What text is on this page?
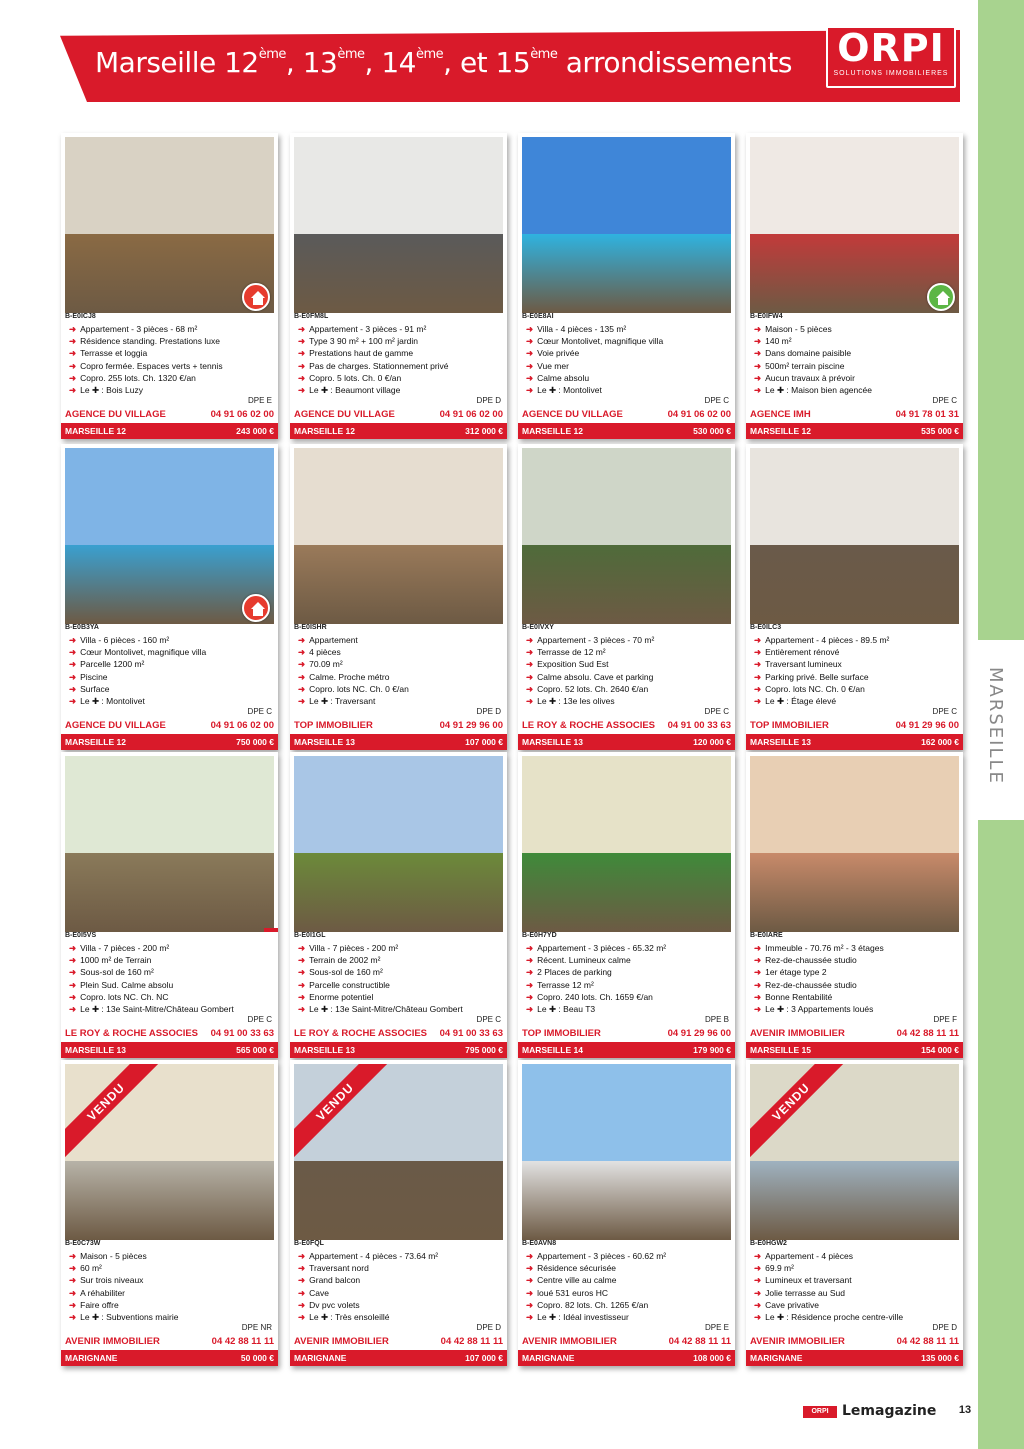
Marseille 12ème, 13ème, 14ème, et 15ème arrondissements ORPI
SOLUTIONS IMMOBILIERES
MARSEILLE
B-E0ICJ8
➜ Appartement - 3 pièces - 68 m²
➜ Résidence standing. Prestations luxe
➜ Terrasse et loggia
➜ Copro fermée. Espaces verts + tennis
➜ Copro. 255 lots. Ch. 1320 €/an
➜ Le ✚ : Bois Luzy
DPE E
AGENCE DU VILLAGE	04 91 06 02 00
MARSEILLE 12	243 000 €
B-E0FM8L
➜ Appartement - 3 pièces - 91 m²
➜ Type 3 90 m² + 100 m² jardin
➜ Prestations haut de gamme
➜ Pas de charges. Stationnement privé
➜ Copro. 5 lots. Ch. 0 €/an
➜ Le ✚ : Beaumont village
DPE D
AGENCE DU VILLAGE	04 91 06 02 00
MARSEILLE 12	312 000 €
B-E0E8AI
➜ Villa - 4 pièces - 135 m²
➜ Cœur Montolivet, magnifique villa
➜ Voie privée
➜ Vue mer
➜ Calme absolu
➜ Le ✚ : Montolivet
DPE C
AGENCE DU VILLAGE	04 91 06 02 00
MARSEILLE 12	530 000 €
B-E0IFW4
➜ Maison - 5 pièces
➜ 140 m²
➜ Dans domaine paisible
➜ 500m² terrain piscine
➜ Aucun travaux à prévoir
➜ Le ✚ : Maison bien agencée
DPE C
AGENCE IMH	04 91 78 01 31
MARSEILLE 12	535 000 €
B-E0B3YA
➜ Villa - 6 pièces - 160 m²
➜ Cœur Montolivet, magnifique villa
➜ Parcelle 1200 m²
➜ Piscine
➜ Surface
➜ Le ✚ : Montolivet
DPE C
AGENCE DU VILLAGE	04 91 06 02 00
MARSEILLE 12	750 000 €
B-E0ISHR
➜ Appartement
➜ 4 pièces
➜ 70.09 m²
➜ Calme. Proche métro
➜ Copro. lots NC. Ch. 0 €/an
➜ Le ✚ : Traversant
DPE D
TOP IMMOBILIER	04 91 29 96 00
MARSEILLE 13	107 000 €
B-E0IVXY
➜ Appartement - 3 pièces - 70 m²
➜ Terrasse de 12 m²
➜ Exposition Sud Est
➜ Calme absolu. Cave et parking
➜ Copro. 52 lots. Ch. 2640 €/an
➜ Le ✚ : 13e les olives
DPE C
LE ROY & ROCHE ASSOCIES 04 91 00 33 63
MARSEILLE 13	120 000 €
B-E0ILC3
➜ Appartement - 4 pièces - 89.5 m²
➜ Entièrement rénové
➜ Traversant lumineux
➜ Parking privé. Belle surface
➜ Copro. lots NC. Ch. 0 €/an
➜ Le ✚ : Étage élevé
DPE C
TOP IMMOBILIER	04 91 29 96 00
MARSEILLE 13	162 000 €
B-E0I5VS
➜ Villa - 7 pièces - 200 m²
➜ 1000 m² de Terrain
➜ Sous-sol de 160 m²
➜ Plein Sud. Calme absolu
➜ Copro. lots NC. Ch. NC
➜ Le ✚ : 13e Saint-Mitre/Château Gombert
DPE C
LE ROY & ROCHE ASSOCIES 04 91 00 33 63
MARSEILLE 13	565 000 €
B-E0I1GL
➜ Villa - 7 pièces - 200 m²
➜ Terrain de 2002 m²
➜ Sous-sol de 160 m²
➜ Parcelle constructible
➜ Enorme potentiel
➜ Le ✚ : 13e Saint-Mitre/Château Gombert
DPE C
LE ROY & ROCHE ASSOCIES 04 91 00 33 63
MARSEILLE 13	795 000 €
B-E0H7YD
➜ Appartement - 3 pièces - 65.32 m²
➜ Récent. Lumineux calme
➜ 2 Places de parking
➜ Terrasse 12 m²
➜ Copro. 240 lots. Ch. 1659 €/an
➜ Le ✚ : Beau T3
DPE B
TOP IMMOBILIER	04 91 29 96 00
MARSEILLE 14	179 900 €
B-E0IARE
➜ Immeuble - 70.76 m² - 3 étages
➜ Rez-de-chaussée studio
➜ 1er étage type 2
➜ Rez-de-chaussée studio
➜ Bonne Rentabilité
➜ Le ✚ : 3 Appartements loués
DPE F
AVENIR IMMOBILIER	04 42 88 11 11
MARSEILLE 15	154 000 €
VENDU
B-E0C73W
➜ Maison - 5 pièces
➜ 60 m²
➜ Sur trois niveaux
➜ A réhabiliter
➜ Faire offre
➜ Le ✚ : Subventions mairie
DPE NR
AVENIR IMMOBILIER	04 42 88 11 11
MARIGNANE	50 000 €
VENDU
B-E0FQL
➜ Appartement - 4 pièces - 73.64 m²
➜ Traversant nord
➜ Grand balcon
➜ Cave
➜ Dv pvc volets
➜ Le ✚ : Très ensoleillé
DPE D
AVENIR IMMOBILIER	04 42 88 11 11
MARIGNANE	107 000 €
B-E0AVN8
➜ Appartement - 3 pièces - 60.62 m²
➜ Résidence sécurisée
➜ Centre ville au calme
➜ loué 531 euros HC
➜ Copro. 82 lots. Ch. 1265 €/an
➜ Le ✚ : Idéal investisseur
DPE E
AVENIR IMMOBILIER	04 42 88 11 11
MARIGNANE	108 000 €
VENDU
B-E0HGW2
➜ Appartement - 4 pièces
➜ 69.9 m²
➜ Lumineux et traversant
➜ Jolie terrasse au Sud
➜ Cave privative
➜ Le ✚ : Résidence proche centre-ville
DPE D
AVENIR IMMOBILIER	04 42 88 11 11
MARIGNANE	135 000 €
ORPI Lemagazine	13
